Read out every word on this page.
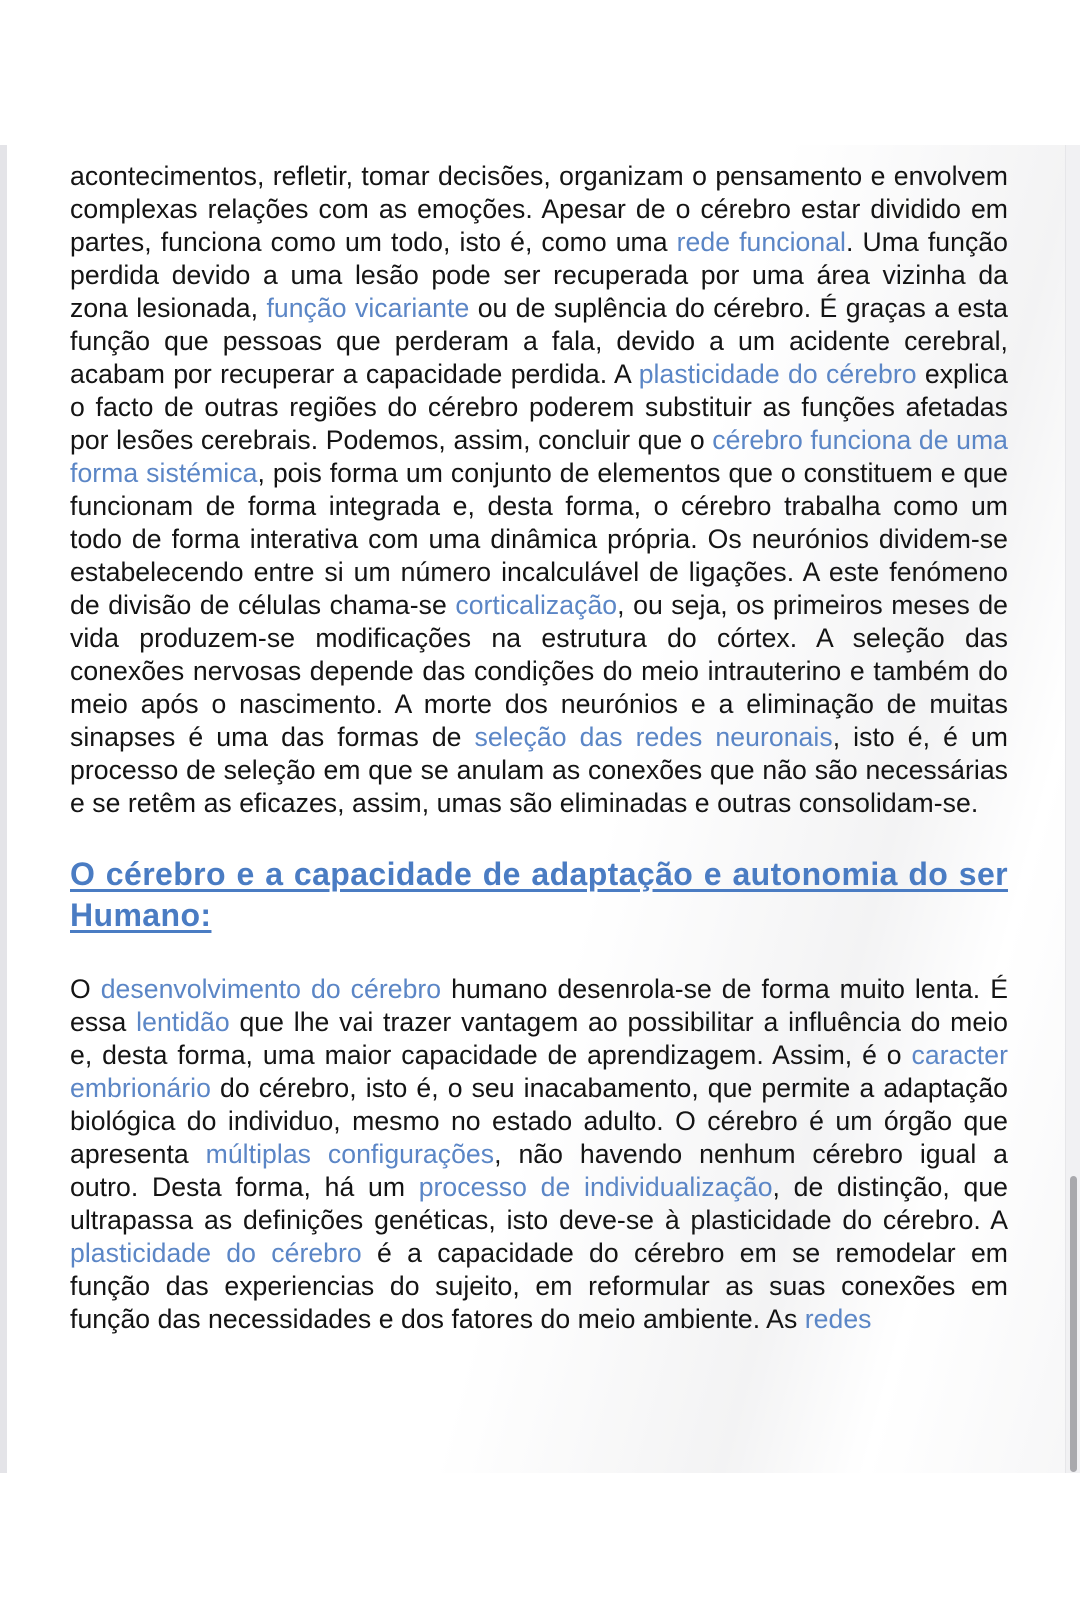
acontecimentos, refletir, tomar decisões, organizam o pensamento e envolvem complexas relações com as emoções. Apesar de o cérebro estar dividido em partes, funciona como um todo, isto é, como uma rede funcional. Uma função perdida devido a uma lesão pode ser recuperada por uma área vizinha da zona lesionada, função vicariante ou de suplência do cérebro. É graças a esta função que pessoas que perderam a fala, devido a um acidente cerebral, acabam por recuperar a capacidade perdida. A plasticidade do cérebro explica o facto de outras regiões do cérebro poderem substituir as funções afetadas por lesões cerebrais. Podemos, assim, concluir que o cérebro funciona de uma forma sistémica, pois forma um conjunto de elementos que o constituem e que funcionam de forma integrada e, desta forma, o cérebro trabalha como um todo de forma interativa com uma dinâmica própria. Os neurónios dividem-se estabelecendo entre si um número incalculável de ligações. A este fenómeno de divisão de células chama-se corticalização, ou seja, os primeiros meses de vida produzem-se modificações na estrutura do córtex. A seleção das conexões nervosas depende das condições do meio intrauterino e também do meio após o nascimento. A morte dos neurónios e a eliminação de muitas sinapses é uma das formas de seleção das redes neuronais, isto é, é um processo de seleção em que se anulam as conexões que não são necessárias e se retêm as eficazes, assim, umas são eliminadas e outras consolidam-se.

O cérebro e a capacidade de adaptação e autonomia do ser Humano:

O desenvolvimento do cérebro humano desenrola-se de forma muito lenta. É essa lentidão que lhe vai trazer vantagem ao possibilitar a influência do meio e, desta forma, uma maior capacidade de aprendizagem. Assim, é o caracter embrionário do cérebro, isto é, o seu inacabamento, que permite a adaptação biológica do individuo, mesmo no estado adulto. O cérebro é um órgão que apresenta múltiplas configurações, não havendo nenhum cérebro igual a outro. Desta forma, há um processo de individualização, de distinção, que ultrapassa as definições genéticas, isto deve-se à plasticidade do cérebro. A plasticidade do cérebro é a capacidade do cérebro em se remodelar em função das experiencias do sujeito, em reformular as suas conexões em função das necessidades e dos fatores do meio ambiente. As redes
